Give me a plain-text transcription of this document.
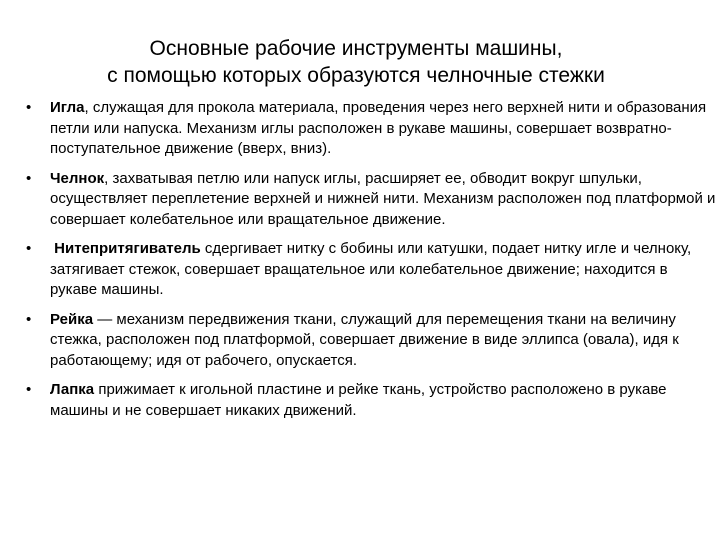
Основные рабочие инструменты машины,
с помощью которых образуются челночные стежки
• Игла, служащая для прокола материала, проведения через него верхней нити и образования петли или напуска. Механизм иглы расположен в рукаве машины, совершает возвратно-поступательное движение (вверх, вниз).
• Челнок, захватывая петлю или напуск иглы, расширяет ее, обводит вокруг шпульки, осуществляет переплетение верхней и нижней нити. Механизм расположен под платформой и совершает колебательное или вращательное движение.
• Нитепритягиватель сдергивает нитку с бобины или катушки, подает нитку игле и челноку, затягивает стежок, совершает вращательное или колебательное движение; находится в рукаве машины.
• Рейка — механизм передвижения ткани, служащий для перемещения ткани на величину стежка, расположен под платформой, совершает движение в виде эллипса (овала), идя к работающему; идя от рабочего, опускается.
• Лапка прижимает к игольной пластине и рейке ткань, устройство расположено в рукаве машины и не совершает никаких движений.
